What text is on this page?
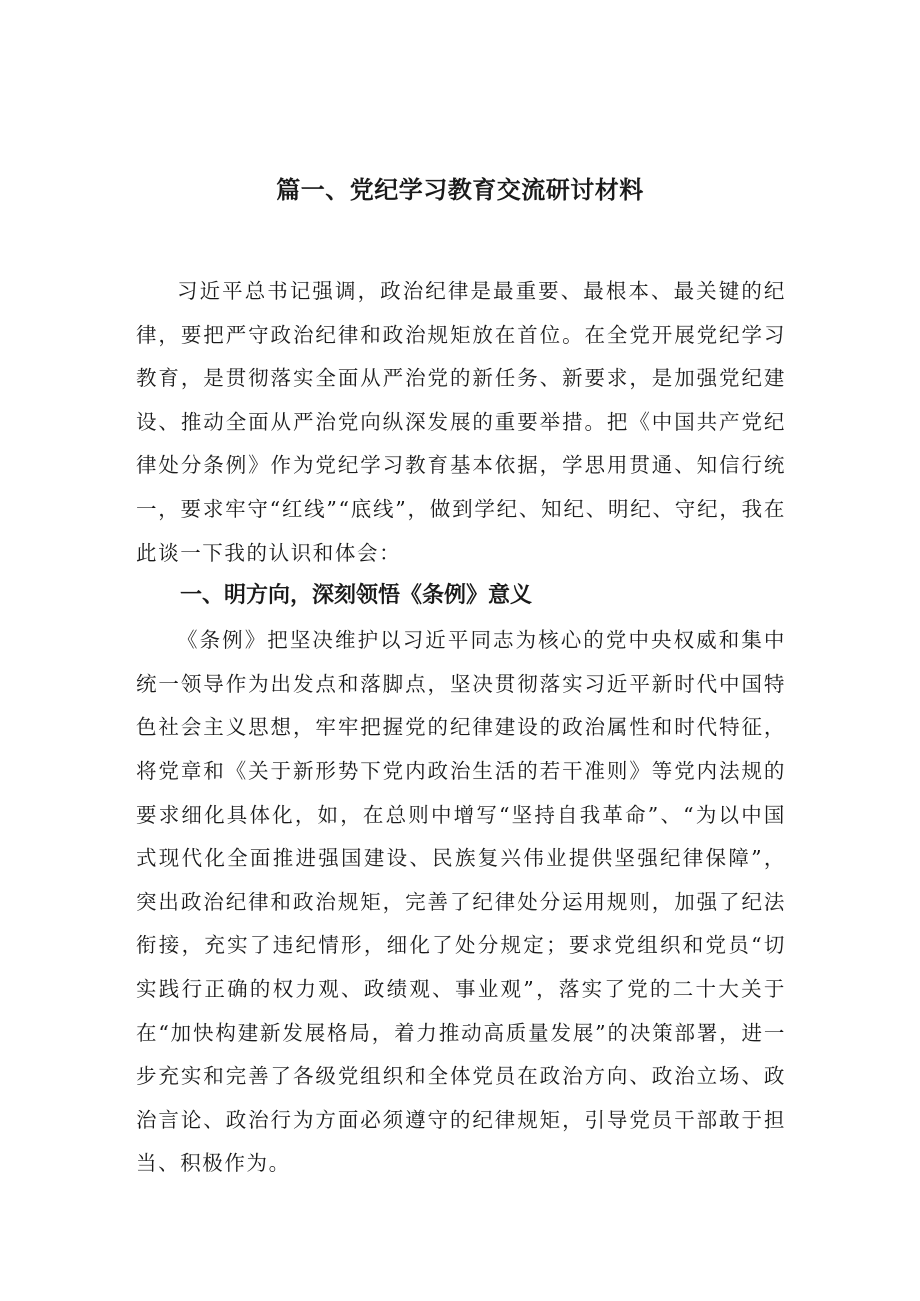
篇一、党纪学习教育交流研讨材料

习近平总书记强调，政治纪律是最重要、最根本、最关键的纪律，要把严守政治纪律和政治规矩放在首位。在全党开展党纪学习教育，是贯彻落实全面从严治党的新任务、新要求，是加强党纪建设、推动全面从严治党向纵深发展的重要举措。把《中国共产党纪律处分条例》作为党纪学习教育基本依据，学思用贯通、知信行统一，要求牢守“红线”“底线”，做到学纪、知纪、明纪、守纪，我在此谈一下我的认识和体会：

一、明方向，深刻领悟《条例》意义

《条例》把坚决维护以习近平同志为核心的党中央权威和集中统一领导作为出发点和落脚点，坚决贯彻落实习近平新时代中国特色社会主义思想，牢牢把握党的纪律建设的政治属性和时代特征，将党章和《关于新形势下党内政治生活的若干准则》等党内法规的要求细化具体化，如，在总则中增写“坚持自我革命”、“为以中国式现代化全面推进强国建设、民族复兴伟业提供坚强纪律保障”，突出政治纪律和政治规矩，完善了纪律处分运用规则，加强了纪法衔接，充实了违纪情形，细化了处分规定；要求党组织和党员“切实践行正确的权力观、政绩观、事业观”，落实了党的二十大关于在“加快构建新发展格局，着力推动高质量发展”的决策部署，进一步充实和完善了各级党组织和全体党员在政治方向、政治立场、政治言论、政治行为方面必须遵守的纪律规矩，引导党员干部敢于担当、积极作为。
